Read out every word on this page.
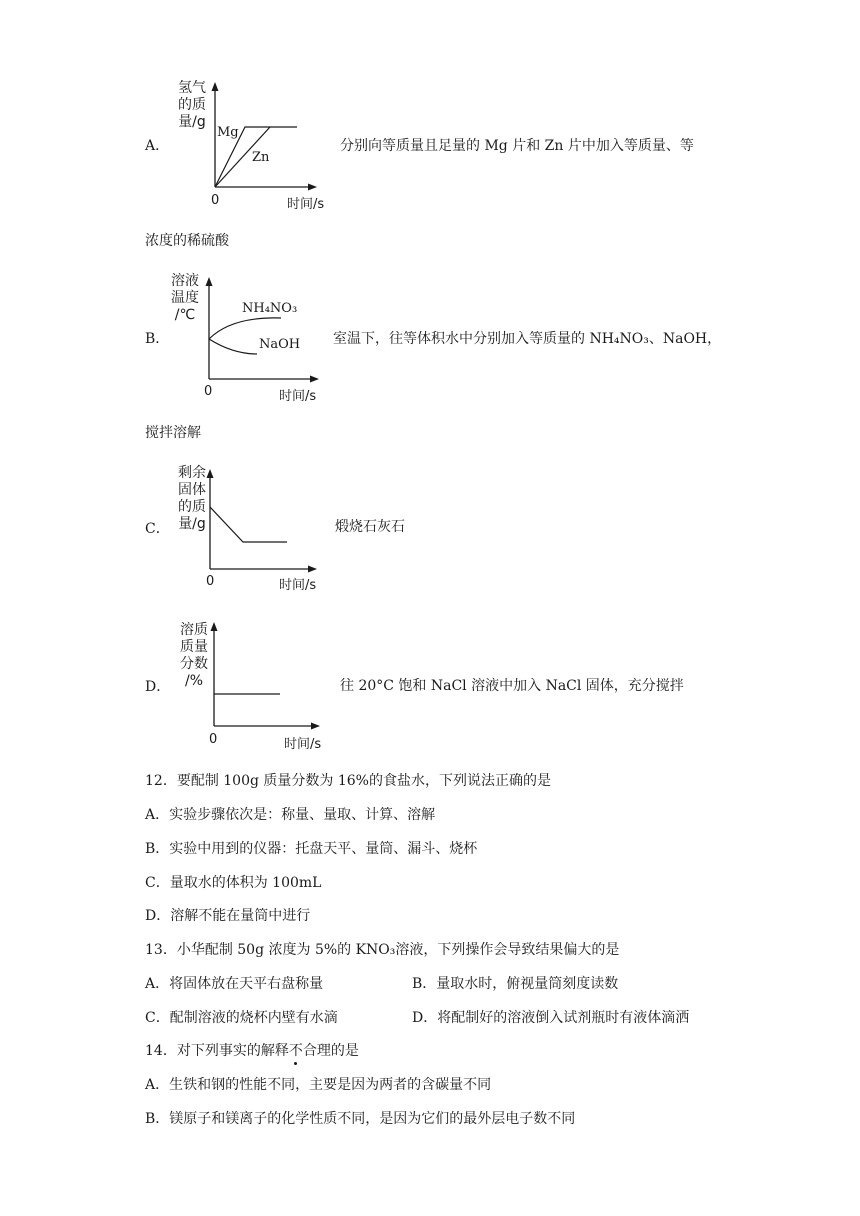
A．
氢气
的质
量/g
Mg
Zn
0	时间/s
分别向等质量且足量的 Mg 片和 Zn 片中加入等质量、等
浓度的稀硫酸
B．
溶液
温度
/℃	NH₄NO₃
NaOH
0	时间/s
室温下，往等体积水中分别加入等质量的 NH₄NO₃、NaOH，
搅拌溶解
C．
剩余
固体
的质
量/g
0	时间/s
煅烧石灰石
D．
溶质
质量
分数
/%
0	时间/s
往 20°C 饱和 NaCl 溶液中加入 NaCl 固体，充分搅拌
12．要配制 100g 质量分数为 16%的食盐水，下列说法正确的是
A．实验步骤依次是：称量、量取、计算、溶解
B．实验中用到的仪器：托盘天平、量筒、漏斗、烧杯
C．量取水的体积为 100mL
D．溶解不能在量筒中进行
13．小华配制 50g 浓度为 5%的 KNO₃溶液，下列操作会导致结果偏大的是
A．将固体放在天平右盘称量	B．量取水时，俯视量筒刻度读数
C．配制溶液的烧杯内壁有水滴	D．将配制好的溶液倒入试剂瓶时有液体滴洒
14．对下列事实的解释不合理的是
A．生铁和钢的性能不同，主要是因为两者的含碳量不同
B．镁原子和镁离子的化学性质不同，是因为它们的最外层电子数不同
